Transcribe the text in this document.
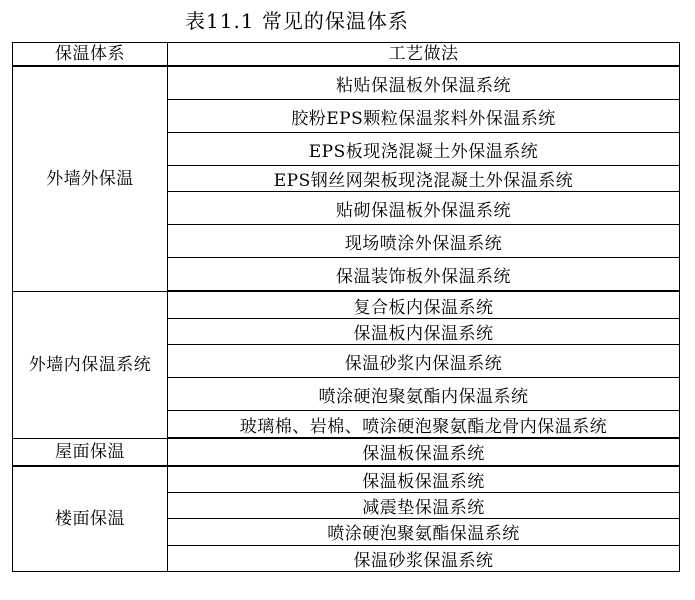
表11.1 常见的保温体系
保温体系	工艺做法
外墙外保温	粘贴保温板外保温系统
	胶粉EPS颗粒保温浆料外保温系统
	EPS板现浇混凝土外保温系统
	EPS钢丝网架板现浇混凝土外保温系统
	贴砌保温板外保温系统
	现场喷涂外保温系统
	保温装饰板外保温系统
外墙内保温系统	复合板内保温系统
	保温板内保温系统
	保温砂浆内保温系统
	喷涂硬泡聚氨酯内保温系统
	玻璃棉、岩棉、喷涂硬泡聚氨酯龙骨内保温系统
屋面保温	保温板保温系统
楼面保温	保温板保温系统
	减震垫保温系统
	喷涂硬泡聚氨酯保温系统
	保温砂浆保温系统
